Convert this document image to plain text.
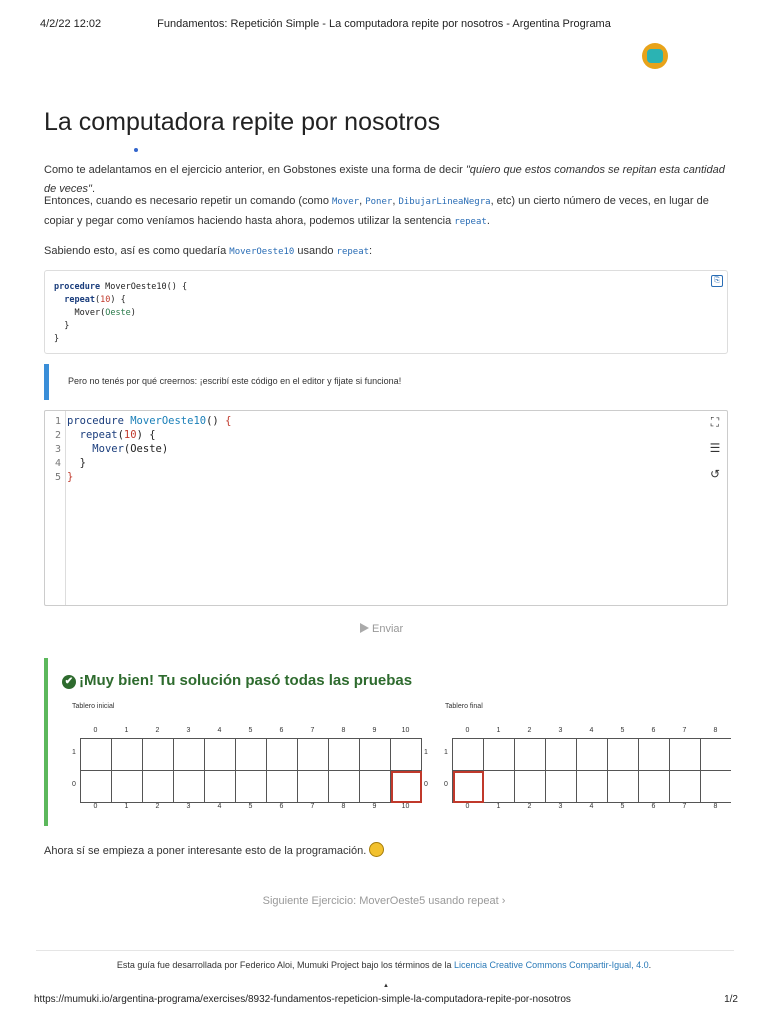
4/2/22 12:02	Fundamentos: Repetición Simple - La computadora repite por nosotros - Argentina Programa
La computadora repite por nosotros
Como te adelantamos en el ejercicio anterior, en Gobstones existe una forma de decir "quiero que estos comandos se repitan esta cantidad de veces".
Entonces, cuando es necesario repetir un comando (como Mover, Poner, DibujarLineaNegra, etc) un cierto número de veces, en lugar de copiar y pegar como veníamos haciendo hasta ahora, podemos utilizar la sentencia repeat.
Sabiendo esto, así es como quedaría MoverOeste10 usando repeat:
procedure MoverOeste10() {
repeat(10) {
Mover(Oeste)
}
}
⎘
Pero no tenés por qué creernos: ¡escribí este código en el editor y fijate si funciona!
1
2
3
4
5
procedure MoverOeste10() {
repeat(10) {
Mover(Oeste)
}
}
⛶
☰
↺
Enviar
✔ ¡Muy bien! Tu solución pasó todas las pruebas
Tablero inicial	Tablero final
0
0
1
1
2
2
3
3
4
4
5
5
6
6
7
7
8
8
9
9
10
10
1	1
0	0
0
0
1
1
2
2
3
3
4
4
5
5
6
6
7
7
8
8
1
0
Ahora sí se empieza a poner interesante esto de la programación.
Siguiente Ejercicio: MoverOeste5 usando repeat ›
Esta guía fue desarrollada por Federico Aloi, Mumuki Project bajo los términos de la Licencia Creative Commons Compartir-Igual, 4.0.
▲
https://mumuki.io/argentina-programa/exercises/8932-fundamentos-repeticion-simple-la-computadora-repite-por-nosotros	1/2
